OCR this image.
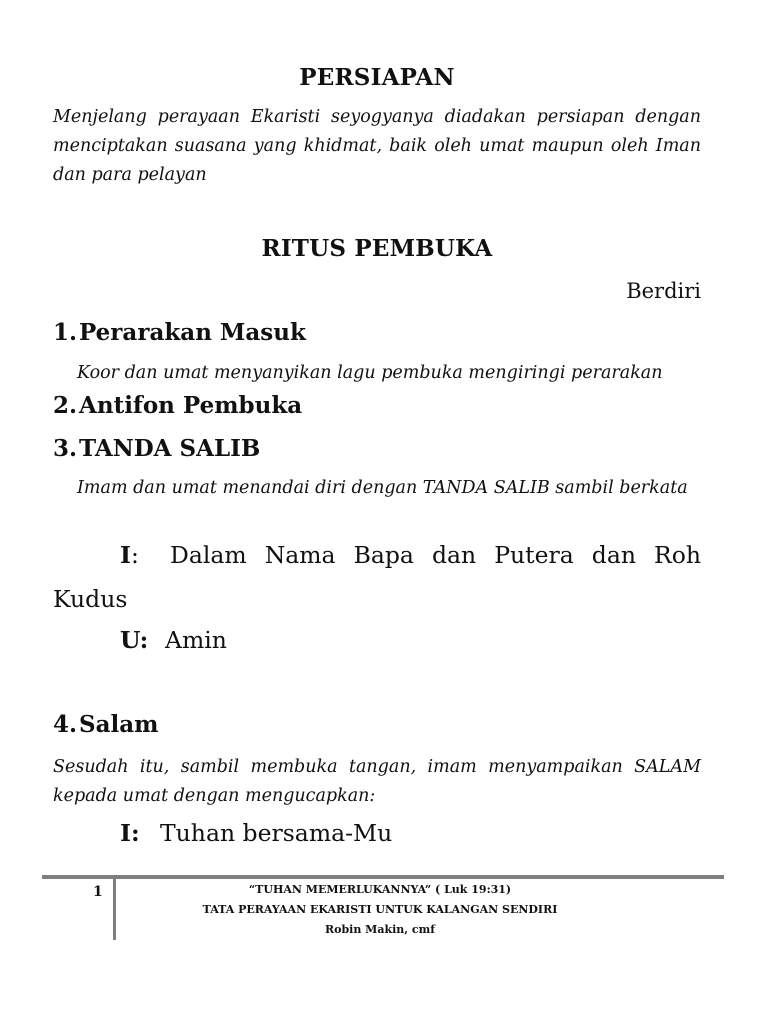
PERSIAPAN

Menjelang perayaan Ekaristi seyogyanya diadakan persiapan dengan menciptakan suasana yang khidmat, baik oleh umat maupun oleh Iman dan para pelayan

RITUS PEMBUKA
Berdiri
1.Perarakan Masuk

Koor dan umat menyanyikan lagu pembuka mengiringi perarakan

2.Antifon Pembuka
3.TANDA SALIB

Imam dan umat menandai diri dengan TANDA SALIB sambil berkata

I: Dalam Nama Bapa dan Putera dan Roh
Kudus
U: Amin
4.Salam

Sesudah itu, sambil membuka tangan, imam menyampaikan SALAM kepada umat dengan mengucapkan:

I: Tuhan bersama-Mu
1	“TUHAN MEMERLUKANNYA” ( Luk 19:31)
TATA PERAYAAN EKARISTI UNTUK KALANGAN SENDIRI
Robin Makin, cmf
